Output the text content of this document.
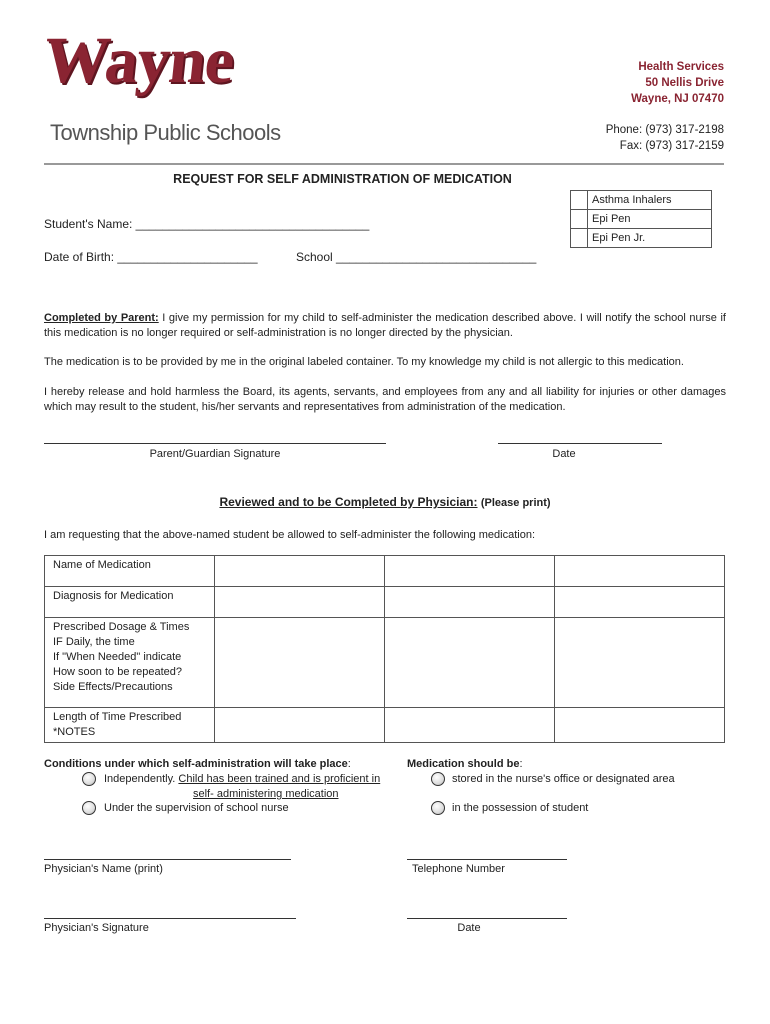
Wayne
Township Public Schools
Health Services
50 Nellis Drive
Wayne, NJ 07470
Phone: (973) 317-2198
Fax: (973) 317-2159
REQUEST FOR SELF ADMINISTRATION OF MEDICATION
Student's Name: ___________________________________
Date of Birth: _____________________	School ______________________________
	Asthma Inhalers
	Epi Pen
	Epi Pen Jr.
Completed by Parent: I give my permission for my child to self-administer the medication described above. I will notify the school nurse if this medication is no longer required or self-administration is no longer directed by the physician.
The medication is to be provided by me in the original labeled container. To my knowledge my child is not allergic to this medication.
I hereby release and hold harmless the Board, its agents, servants, and employees from any and all liability for injuries or other damages which may result to the student, his/her servants and representatives from administration of the medication.
Parent/Guardian Signature	Date
Reviewed and to be Completed by Physician: (Please print)
I am requesting that the above-named student be allowed to self-administer the following medication:
Name of Medication			
Diagnosis for Medication			
Prescribed Dosage & Times
IF Daily, the time
If "When Needed" indicate
How soon to be repeated?
Side Effects/Precautions			
Length of Time Prescribed
*NOTES			
Conditions under which self-administration will take place:
Independently. Child has been trained and is proficient in
self- administering medication
Under the supervision of school nurse
Medication should be:
stored in the nurse's office or designated area
in the possession of student
Physician's Name (print)	Telephone Number
Physician's Signature	Date
